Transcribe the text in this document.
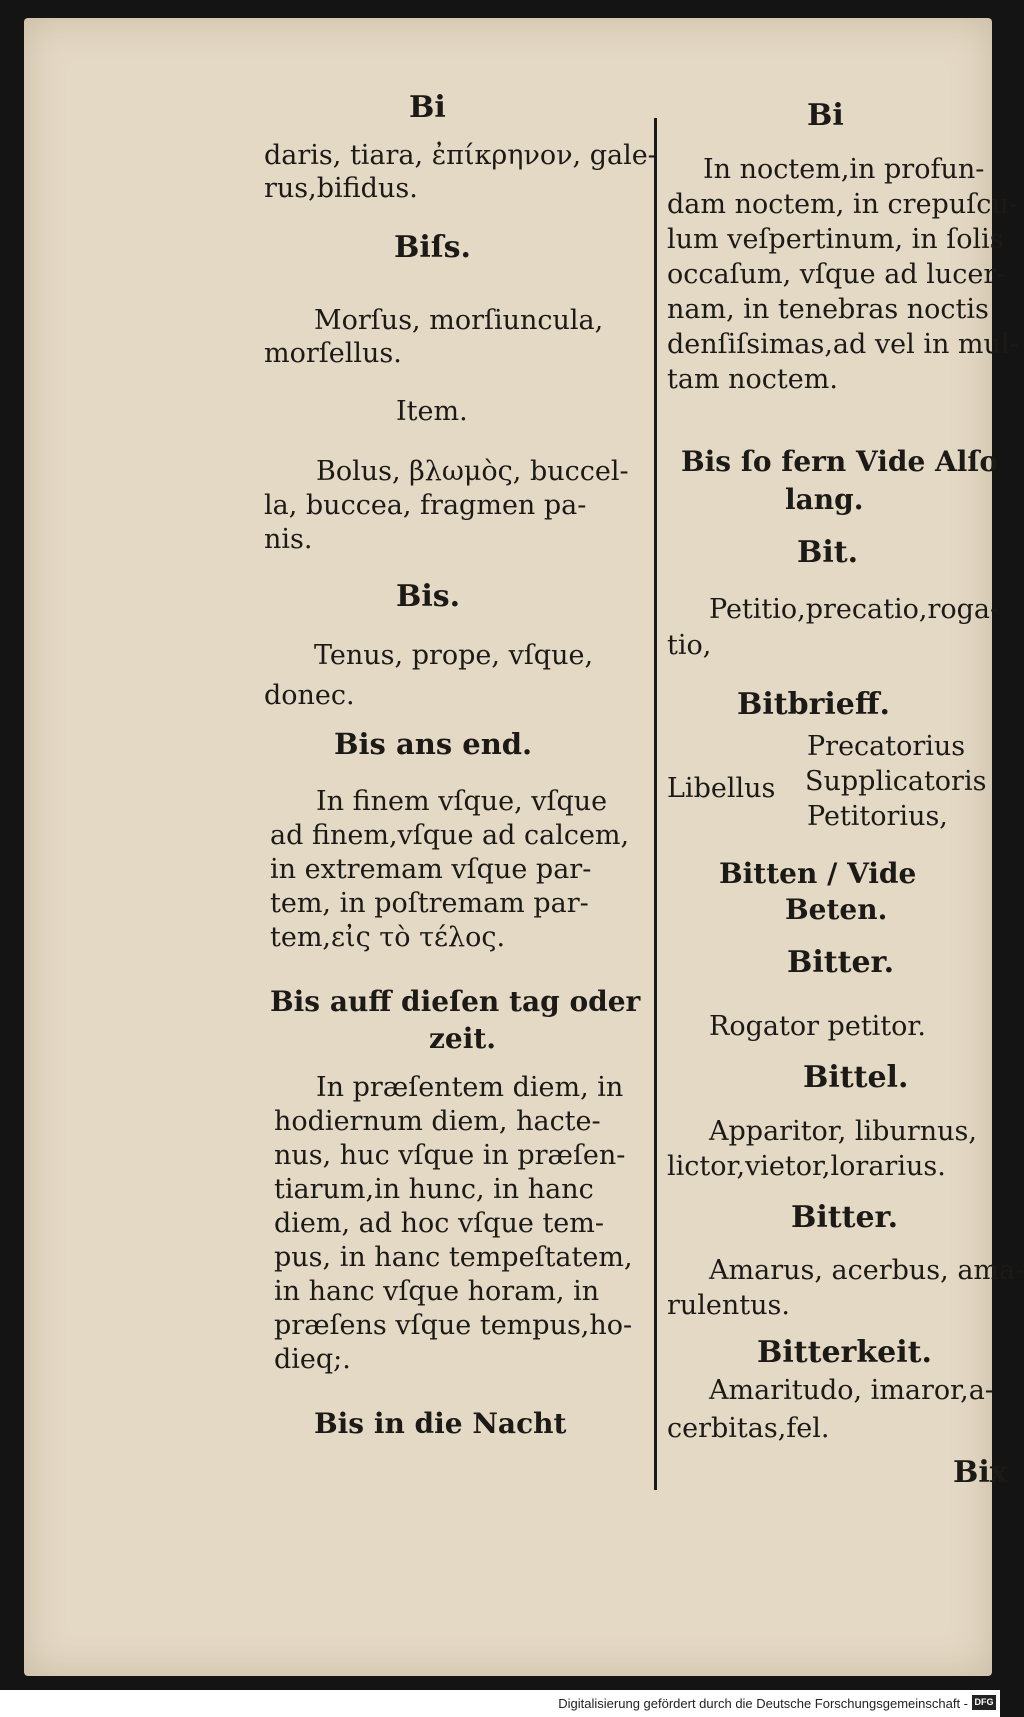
Bi
daris, tiara, ἐπίκρηνον, gale-
rus,bifidus.
Biſs.
Morſus, morſiuncula,
morſellus.
Item.
Bolus, βλωμὸς, buccel-
la, buccea, fragmen pa-
nis.
Bis.
Tenus, prope, vſque,
donec.
Bis ans end.
In finem vſque, vſque
ad finem,vſque ad calcem,
in extremam vſque par-
tem, in poſtremam par-
tem,εἰς τὸ τέλος.
Bis auff dieſen tag oder
zeit.
In præſentem diem, in
hodiernum diem, hacte-
nus, huc vſque in præſen-
tiarum,in hunc, in hanc
diem, ad hoc vſque tem-
pus, in hanc tempeſtatem,
in hanc vſque horam, in
præſens vſque tempus,ho-
dieq;.
Bis in die Nacht
Bi
In noctem,in profun-
dam noctem, in crepuſcu-
lum veſpertinum, in ſolis
occaſum, vſque ad lucer-
nam, in tenebras noctis
denſiſsimas,ad vel in mul-
tam noctem.
Bis ſo fern Vide Alſo
lang.
Bit.
Petitio,precatio,roga-
tio,
Bitbrieff.
Precatorius
Libellus Supplicatoris
Petitorius,
Bitten / Vide
Beten.
Bitter.
Rogator petitor.
Bittel.
Apparitor, liburnus,
lictor,vietor,lorarius.
Bitter.
Amarus, acerbus, ama-
rulentus.
Bitterkeit.
Amaritudo, imaror,a-
cerbitas,fel.
Bix
Digitalisierung gefördert durch die Deutsche Forschungsgemeinschaft - DFG
